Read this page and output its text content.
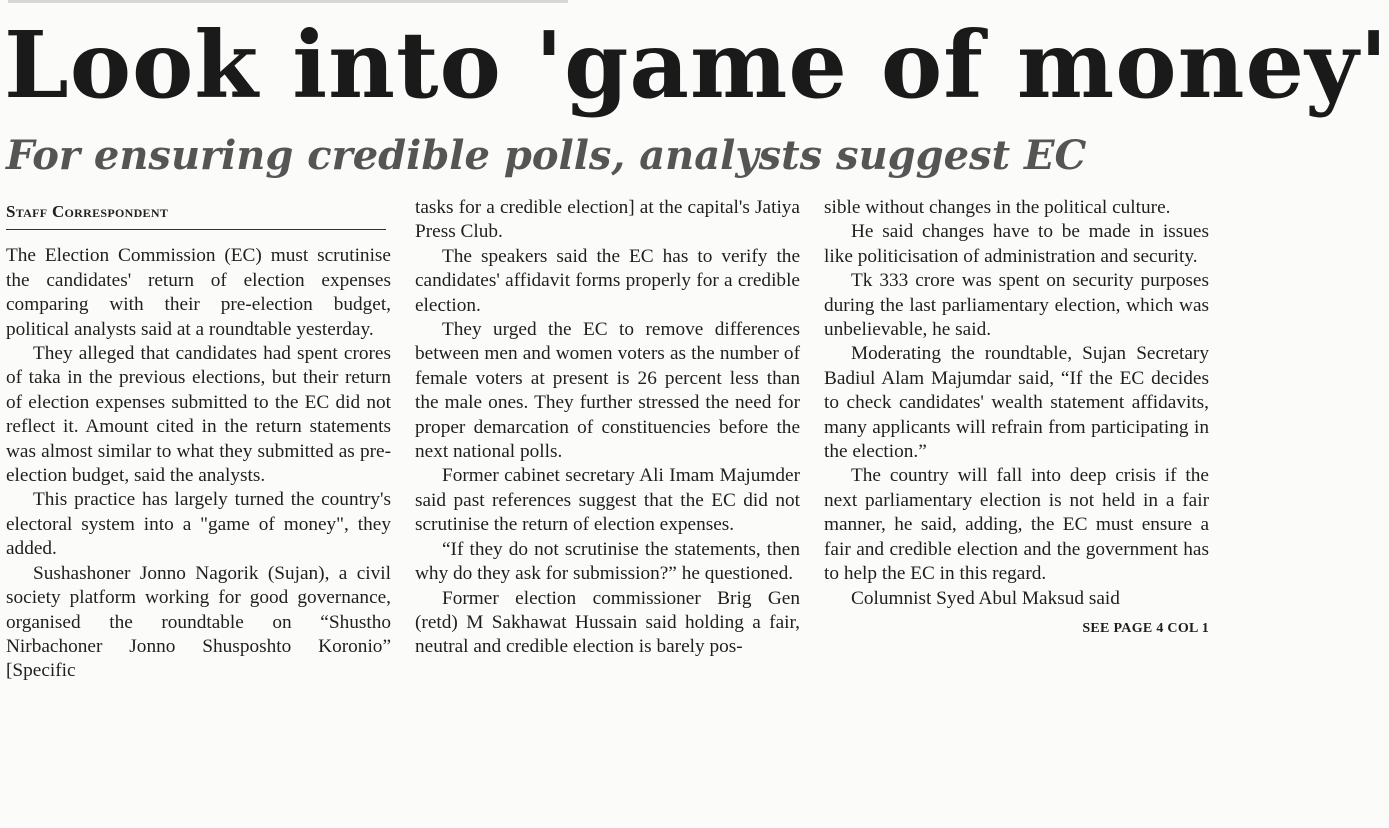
Look into 'game of money'
For ensuring credible polls, analysts suggest EC
Staff Correspondent

The Election Commission (EC) must scrutinise the candidates' return of election expenses comparing with their pre-election budget, political analysts said at a roundtable yesterday.

They alleged that candidates had spent crores of taka in the previous elections, but their return of election expenses submitted to the EC did not reflect it. Amount cited in the return statements was almost similar to what they submitted as pre-election budget, said the analysts.

This practice has largely turned the country's electoral system into a "game of money", they added.

Sushashoner Jonno Nagorik (Sujan), a civil society platform working for good governance, organised the roundtable on “Shustho Nirbachoner Jonno Shusposhto Koronio” [Specific

tasks for a credible election] at the capital's Jatiya Press Club.

The speakers said the EC has to verify the candidates' affidavit forms properly for a credible election.

They urged the EC to remove differences between men and women voters as the number of female voters at present is 26 percent less than the male ones. They further stressed the need for proper demarcation of constituencies before the next national polls.

Former cabinet secretary Ali Imam Majumder said past references suggest that the EC did not scrutinise the return of election expenses.

“If they do not scrutinise the statements, then why do they ask for submission?” he questioned.

Former election commissioner Brig Gen (retd) M Sakhawat Hussain said holding a fair, neutral and credible election is barely pos-

sible without changes in the political culture.

He said changes have to be made in issues like politicisation of administration and security.

Tk 333 crore was spent on security purposes during the last parliamentary election, which was unbelievable, he said.

Moderating the roundtable, Sujan Secretary Badiul Alam Majumdar said, “If the EC decides to check candidates' wealth statement affidavits, many applicants will refrain from participating in the election.”

The country will fall into deep crisis if the next parliamentary election is not held in a fair manner, he said, adding, the EC must ensure a fair and credible election and the government has to help the EC in this regard.

Columnist Syed Abul Maksud said

SEE PAGE 4 COL 1
